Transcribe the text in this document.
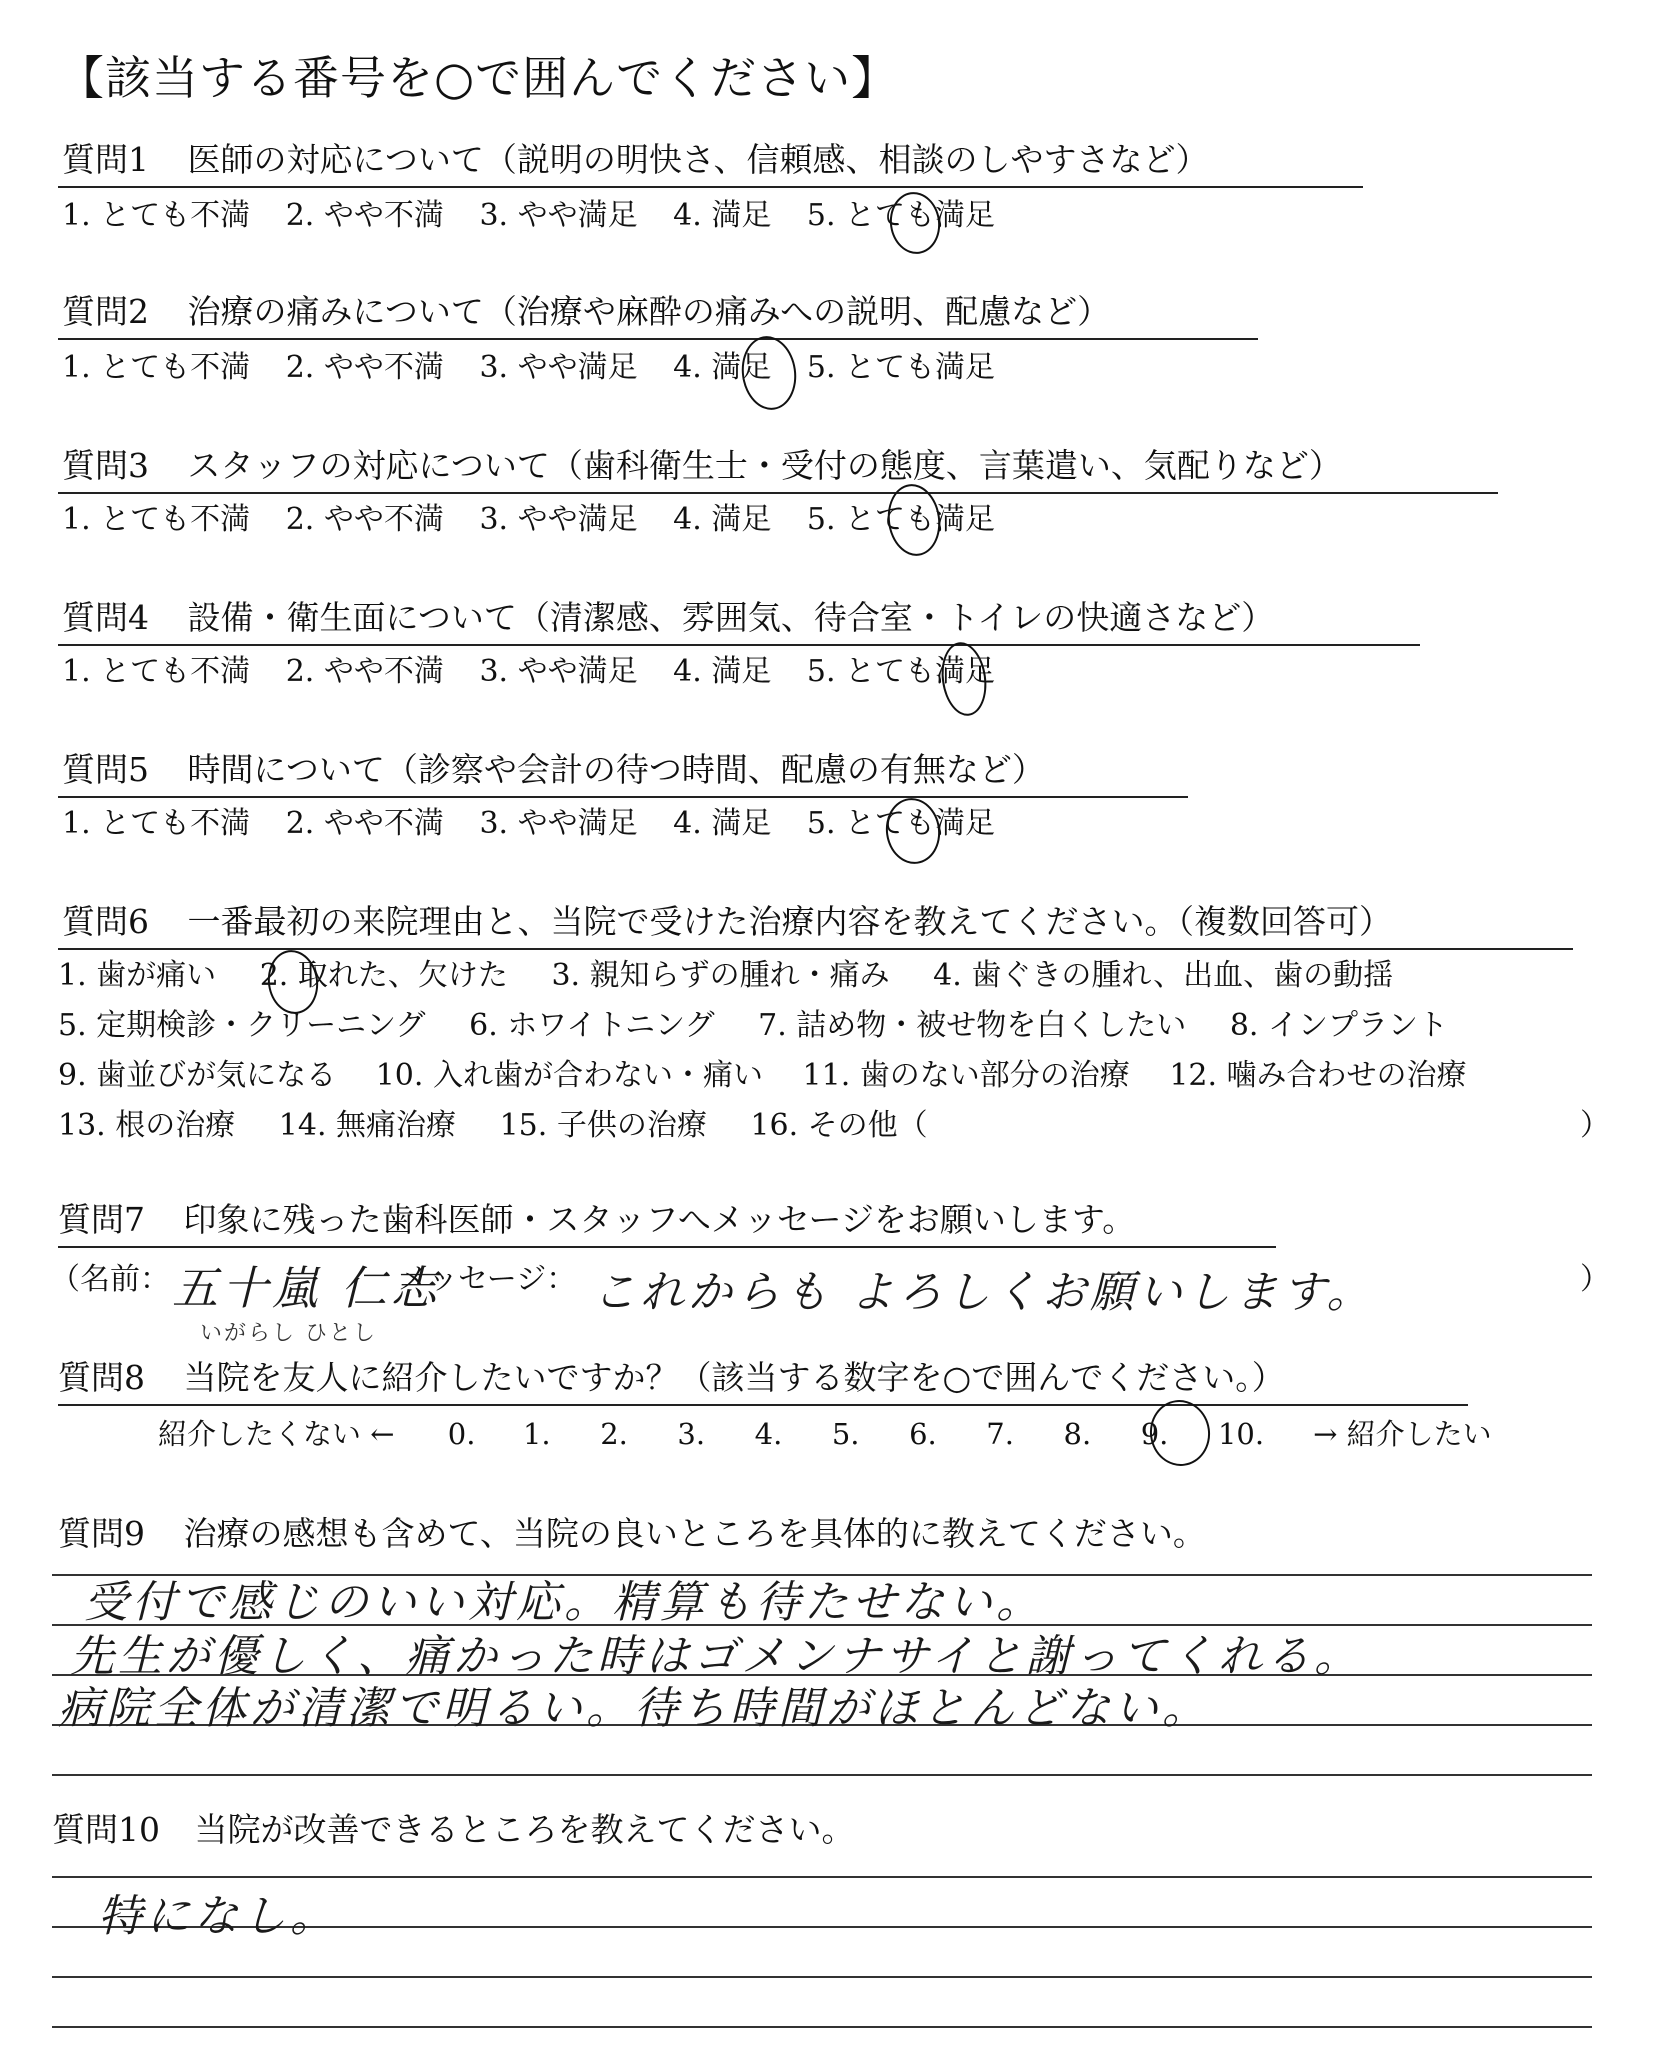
【該当する番号を○で囲んでください】
質問1 医師の対応について（説明の明快さ、信頼感、相談のしやすさなど）
1. とても不満 2. やや不満 3. やや満足 4. 満足 5. とても満足
質問2 治療の痛みについて（治療や麻酔の痛みへの説明、配慮など）
1. とても不満 2. やや不満 3. やや満足 4. 満足 5. とても満足
質問3 スタッフの対応について（歯科衛生士・受付の態度、言葉遣い、気配りなど）
1. とても不満 2. やや不満 3. やや満足 4. 満足 5. とても満足
質問4 設備・衛生面について（清潔感、雰囲気、待合室・トイレの快適さなど）
1. とても不満 2. やや不満 3. やや満足 4. 満足 5. とても満足
質問5 時間について（診察や会計の待つ時間、配慮の有無など）
1. とても不満 2. やや不満 3. やや満足 4. 満足 5. とても満足
質問6 一番最初の来院理由と、当院で受けた治療内容を教えてください。（複数回答可）
1. 歯が痛い 2. 取れた、欠けた 3. 親知らずの腫れ・痛み 4. 歯ぐきの腫れ、出血、歯の動揺
5. 定期検診・クリーニング 6. ホワイトニング 7. 詰め物・被せ物を白くしたい 8. インプラント
9. 歯並びが気になる 10. 入れ歯が合わない・痛い 11. 歯のない部分の治療 12. 噛み合わせの治療
13. 根の治療 14. 無痛治療 15. 子供の治療 16. その他（	）
質問7 印象に残った歯科医師・スタッフへメッセージをお願いします。
（名前： 五十嵐 仁志
いがらし ひとし
メッセージ： これからも よろしくお願いします。	）
質問8 当院を友人に紹介したいですか？（該当する数字を○で囲んでください。）
紹介したくない ← 0. 1. 2. 3. 4. 5. 6. 7. 8. 9. 10. → 紹介したい
質問9 治療の感想も含めて、当院の良いところを具体的に教えてください。
受付で感じのいい対応。精算も待たせない。
先生が優しく、痛かった時はゴメンナサイと謝ってくれる。
病院全体が清潔で明るい。待ち時間がほとんどない。
質問10 当院が改善できるところを教えてください。
特になし。
